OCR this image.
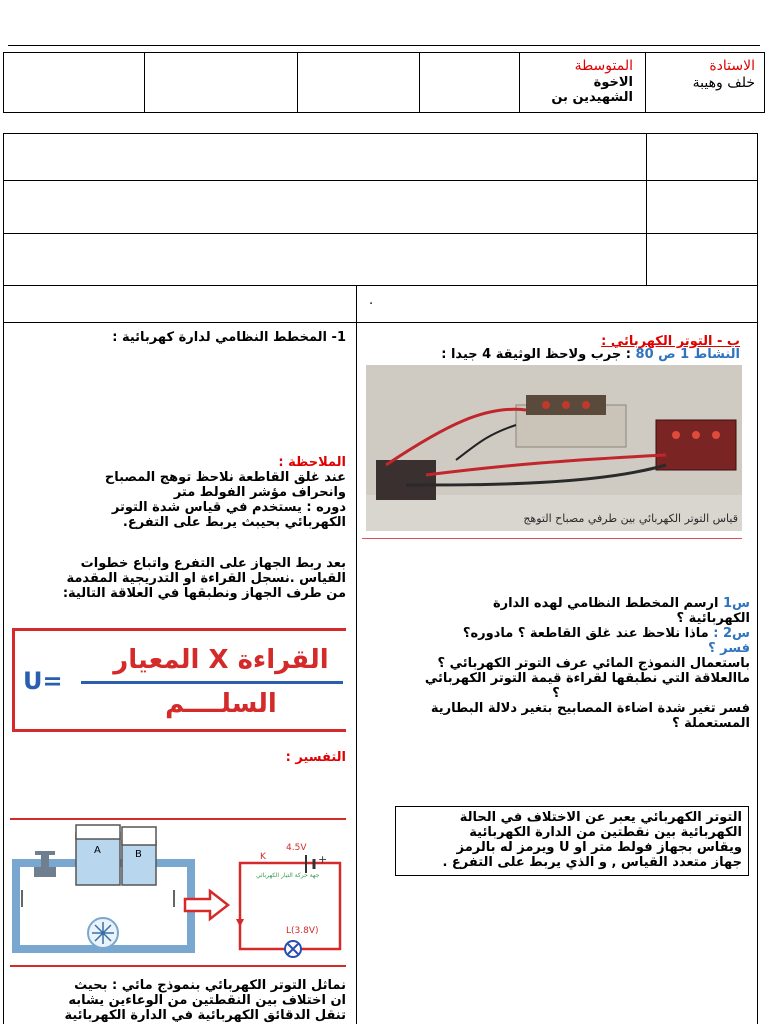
الاستادة
خلف وهيبة
المتوسطة
الاخوة
الشهيدين بن
.
ب - التوتر الكهربائي :
النشاط 1 ص 80 : جرب ولاحظ الوثيقة 4 جيدا :
قياس التوتر الكهربائي بين طرفي مصباح التوهج
س1 ارسم المخطط النظامي لهده الدارة
الكهربائية ؟
س2 : ماذا نلاحظ عند غلق القاطعة ؟ مادوره؟
فسر ؟
باستعمال النموذج المائي عرف التوتر الكهربائي ؟
ماالعلاقة التي نطبقها لقراءة قيمة التوتر الكهربائي
؟
فسر تغير شدة اضاءة المصابيح بتغير دلالة البطارية
المستعملة ؟
التوتر الكهربائي يعبر عن الاختلاف في الحالة
الكهربائية بين نقطتين من الدارة الكهربائية
ويقاس بجهاز فولط متر او U ويرمز له بالرمز
جهاز متعدد القياس , و الذي يربط على التفرع .
1- المخطط النظامي لدارة كهربائية :
الملاحظة :
عند غلق القاطعة نلاحظ توهج المصباح
وانحراف مؤشر الفولط متر
دوره : يستخدم في قياس شدة التوتر
الكهربائي بحيبث يربط على التفرع.
بعد ربط الجهاز على التفرع واتباع خطوات
القياس .نسجل القراءة او التدريجية المقدمة
من طرف الجهاز ونطبقها في العلاقة التالية:
U=
القراءة X المعيار
السلــــم
التفسير :
A	B
4.5V
+
K
جهة حركة التيار الكهربائي
L(3.8V)
نماثل التوتر الكهربائي بنموذج مائي : بحيث
ان اختلاف بين النقطتين من الوعاءين يشابه
تنقل الدقائق الكهربائية في الدارة الكهربائية
